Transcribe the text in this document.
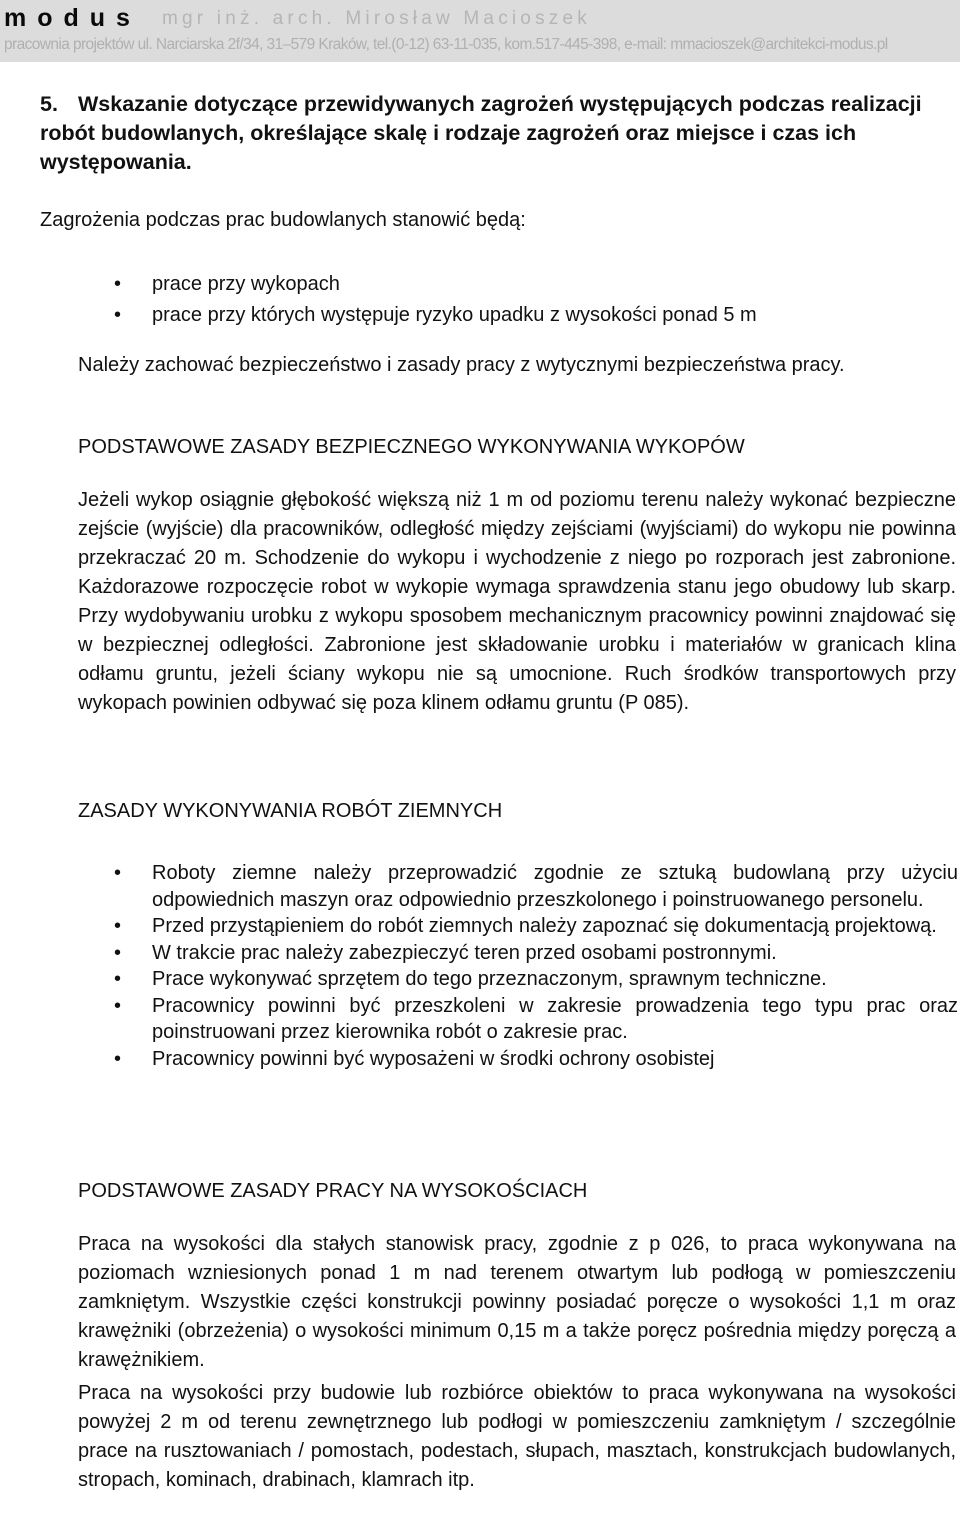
modus mgr inż. arch. Mirosław Macioszek
pracownia projektów ul. Narciarska 2f/34, 31–579 Kraków, tel.(0-12) 63-11-035, kom.517-445-398, e-mail: mmacioszek@architekci-modus.pl
5. Wskazanie dotyczące przewidywanych zagrożeń występujących podczas realizacji robót budowlanych, określające skalę i rodzaje zagrożeń oraz miejsce i czas ich występowania.
Zagrożenia podczas prac budowlanych stanowić będą:
• prace przy wykopach
• prace przy których występuje ryzyko upadku z wysokości ponad 5 m
Należy zachować bezpieczeństwo i zasady pracy z wytycznymi bezpieczeństwa pracy.
PODSTAWOWE ZASADY BEZPIECZNEGO WYKONYWANIA WYKOPÓW
Jeżeli wykop osiągnie głębokość większą niż 1 m od poziomu terenu należy wykonać bezpieczne zejście (wyjście) dla pracowników, odległość między zejściami (wyjściami) do wykopu nie powinna przekraczać 20 m. Schodzenie do wykopu i wychodzenie z niego po rozporach jest zabronione. Każdorazowe rozpoczęcie robot w wykopie wymaga sprawdzenia stanu jego obudowy lub skarp. Przy wydobywaniu urobku z wykopu sposobem mechanicznym pracownicy powinni znajdować się w bezpiecznej odległości. Zabronione jest składowanie urobku i materiałów w granicach klina odłamu gruntu, jeżeli ściany wykopu nie są umocnione. Ruch środków transportowych przy wykopach powinien odbywać się poza klinem odłamu gruntu (P 085).
ZASADY WYKONYWANIA ROBÓT ZIEMNYCH
• Roboty ziemne należy przeprowadzić zgodnie ze sztuką budowlaną przy użyciu odpowiednich maszyn oraz odpowiednio przeszkolonego i poinstruowanego personelu.
• Przed przystąpieniem do robót ziemnych należy zapoznać się dokumentacją projektową.
• W trakcie prac należy zabezpieczyć teren przed osobami postronnymi.
• Prace wykonywać sprzętem do tego przeznaczonym, sprawnym techniczne.
• Pracownicy powinni być przeszkoleni w zakresie prowadzenia tego typu prac oraz poinstruowani przez kierownika robót o zakresie prac.
• Pracownicy powinni być wyposażeni w środki ochrony osobistej
PODSTAWOWE ZASADY PRACY NA WYSOKOŚCIACH
Praca na wysokości dla stałych stanowisk pracy, zgodnie z p 026, to praca wykonywana na poziomach wzniesionych ponad 1 m nad terenem otwartym lub podłogą w pomieszczeniu zamkniętym. Wszystkie części konstrukcji powinny posiadać poręcze o wysokości 1,1 m oraz krawężniki (obrzeżenia) o wysokości minimum 0,15 m a także poręcz pośrednia między poręczą a krawężnikiem.
Praca na wysokości przy budowie lub rozbiórce obiektów to praca wykonywana na wysokości powyżej 2 m od terenu zewnętrznego lub podłogi w pomieszczeniu zamkniętym / szczególnie prace na rusztowaniach / pomostach, podestach, słupach, masztach, konstrukcjach budowlanych, stropach, kominach, drabinach, klamrach itp.
